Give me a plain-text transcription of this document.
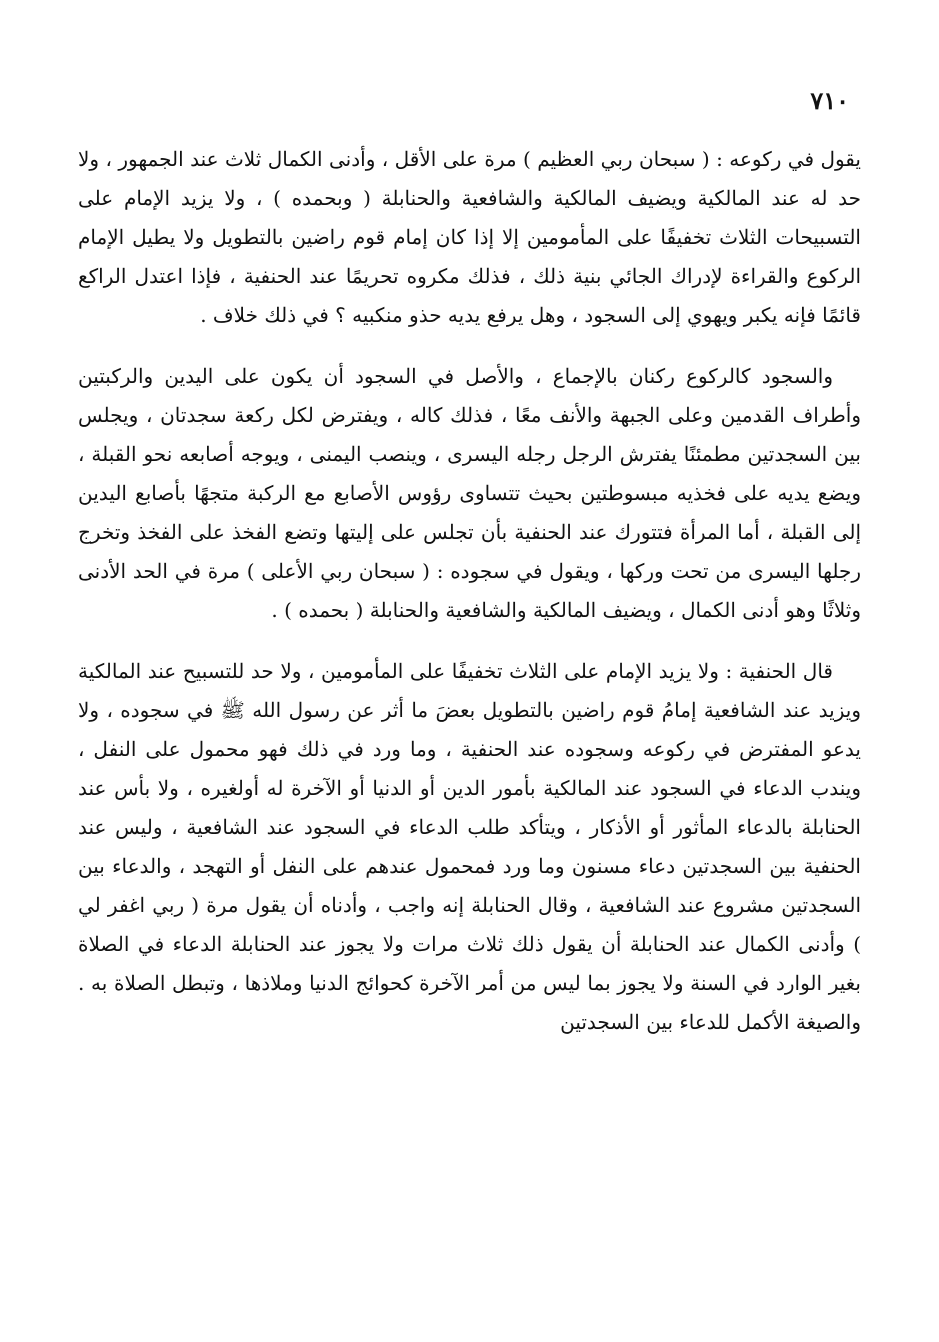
٧١٠

يقول في ركوعه : ( سبحان ربي العظيم ) مرة على الأقل ، وأدنى الكمال ثلاث عند الجمهور ، ولا حد له عند المالكية ويضيف المالكية والشافعية والحنابلة ( وبحمده ) ، ولا يزيد الإمام على التسبيحات الثلاث تخفيفًا على المأمومين إلا إذا كان إمام قوم راضين بالتطويل ولا يطيل الإمام الركوع والقراءة لإدراك الجائي بنية ذلك ، فذلك مكروه تحريمًا عند الحنفية ، فإذا اعتدل الراكع قائمًا فإنه يكبر ويهوي إلى السجود ، وهل يرفع يديه حذو منكبيه ؟ في ذلك خلاف .

والسجود كالركوع ركنان بالإجماع ، والأصل في السجود أن يكون على اليدين والركبتين وأطراف القدمين وعلى الجبهة والأنف معًا ، فذلك كاله ، ويفترض لكل ركعة سجدتان ، ويجلس بين السجدتين مطمئنًا يفترش الرجل رجله اليسرى ، وينصب اليمنى ، ويوجه أصابعه نحو القبلة ، ويضع يديه على فخذيه مبسوطتين بحيث تتساوى رؤوس الأصابع مع الركبة متجهًا بأصابع اليدين إلى القبلة ، أما المرأة فتتورك عند الحنفية بأن تجلس على إليتها وتضع الفخذ على الفخذ وتخرج رجلها اليسرى من تحت وركها ، ويقول في سجوده : ( سبحان ربي الأعلى ) مرة في الحد الأدنى وثلاثًا وهو أدنى الكمال ، ويضيف المالكية والشافعية والحنابلة ( بحمده ) .

قال الحنفية : ولا يزيد الإمام على الثلاث تخفيفًا على المأمومين ، ولا حد للتسبيح عند المالكية ويزيد عند الشافعية إمامُ قوم راضين بالتطويل بعضَ ما أثر عن رسول الله ﷺ في سجوده ، ولا يدعو المفترض في ركوعه وسجوده عند الحنفية ، وما ورد في ذلك فهو محمول على النفل ، ويندب الدعاء في السجود عند المالكية بأمور الدين أو الدنيا أو الآخرة له أولغيره ، ولا بأس عند الحنابلة بالدعاء المأثور أو الأذكار ، ويتأكد طلب الدعاء في السجود عند الشافعية ، وليس عند الحنفية بين السجدتين دعاء مسنون وما ورد فمحمول عندهم على النفل أو التهجد ، والدعاء بين السجدتين مشروع عند الشافعية ، وقال الحنابلة إنه واجب ، وأدناه أن يقول مرة ( ربي اغفر لي ) وأدنى الكمال عند الحنابلة أن يقول ذلك ثلاث مرات ولا يجوز عند الحنابلة الدعاء في الصلاة بغير الوارد في السنة ولا يجوز بما ليس من أمر الآخرة كحوائج الدنيا وملاذها ، وتبطل الصلاة به . والصيغة الأكمل للدعاء بين السجدتين
